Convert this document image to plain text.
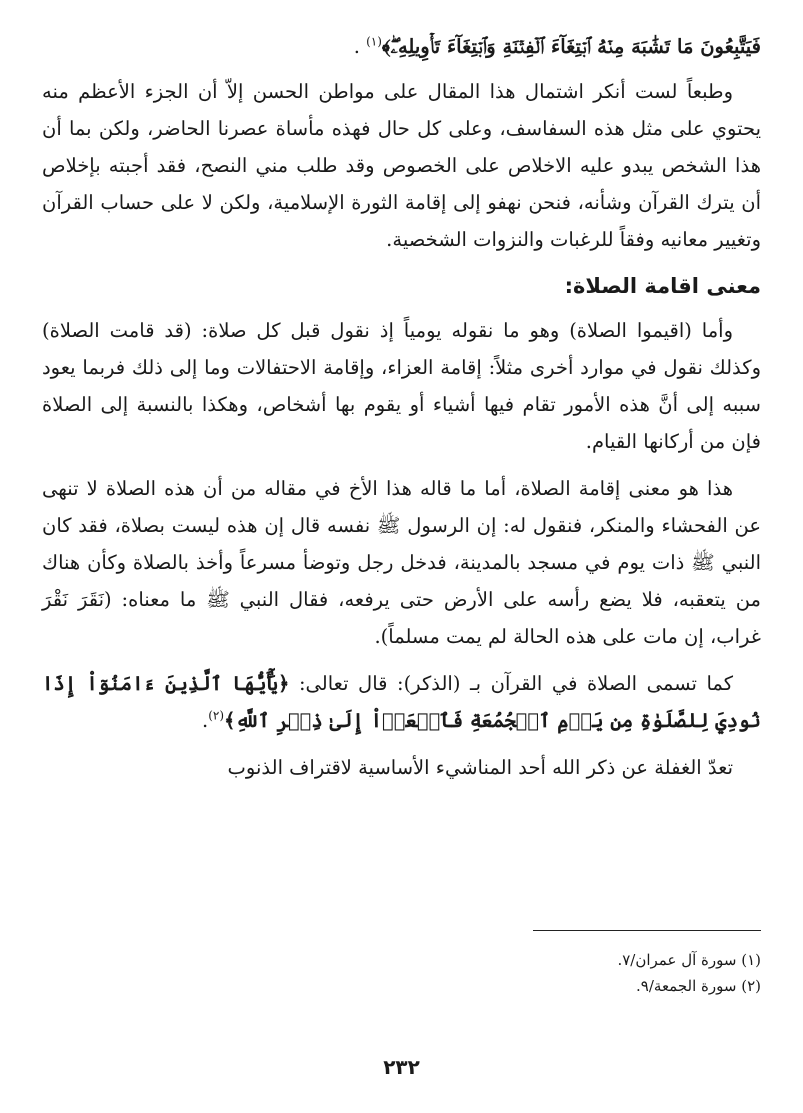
فَيَتَّبِعُونَ مَا تَشَٰبَهَ مِنۡهُ ٱبۡتِغَآءَ ٱلۡفِتۡنَةِ وَٱبۡتِغَآءَ تَأۡوِيلِهِۦۖ﴾$^{(١)}$ .

وطبعاً لست أنكر اشتمال هذا المقال على مواطن الحسن إلاّ أن الجزء الأعظم منه يحتوي على مثل هذه السفاسف، وعلى كل حال فهذه مأساة عصرنا الحاضر، ولكن بما أن هذا الشخص يبدو عليه الاخلاص على الخصوص وقد طلب مني النصح، فقد أجبته بإخلاص أن يترك القرآن وشأنه، فنحن نهفو إلى إقامة الثورة الإسلامية، ولكن لا على حساب القرآن وتغيير معانيه وفقاً للرغبات والنزوات الشخصية.

معنى اقامة الصلاة:

وأما (اقيموا الصلاة) وهو ما نقوله يومياً إذ نقول قبل كل صلاة: (قد قامت الصلاة) وكذلك نقول في موارد أخرى مثلاً: إقامة العزاء، وإقامة الاحتفالات وما إلى ذلك فربما يعود سببه إلى أنَّ هذه الأمور تقام فيها أشياء أو يقوم بها أشخاص، وهكذا بالنسبة إلى الصلاة فإن من أركانها القيام.

هذا هو معنى إقامة الصلاة، أما ما قاله هذا الأخ في مقاله من أن هذه الصلاة لا تنهى عن الفحشاء والمنكر، فنقول له: إن الرسول ﷺ نفسه قال إن هذه ليست بصلاة، فقد كان النبي ﷺ ذات يوم في مسجد بالمدينة، فدخل رجل وتوضأ مسرعاً وأخذ بالصلاة وكأن هناك من يتعقبه، فلا يضع رأسه على الأرض حتى يرفعه، فقال النبي ﷺ ما معناه: (نَقَرَ نَقْرَ غراب، إن مات على هذه الحالة لم يمت مسلماً).

كما تسمى الصلاة في القرآن بـ (الذكر): قال تعالى: ﴿يَٰٓأَيُّهَا ٱلَّذِينَ ءَامَنُوٓاْ إِذَا نُودِيَ لِلصَّلَوٰةِ مِن يَوۡمِ ٱلۡجُمُعَةِ فَٱسۡعَوۡاْ إِلَىٰ ذِكۡرِ ٱللَّهِ﴾$^{(٢)}$.

تعدّ الغفلة عن ذكر الله أحد المناشيء الأساسية لاقتراف الذنوب

(١) سورة آل عمران/٧.

(٢) سورة الجمعة/٩.

٢٣٢
